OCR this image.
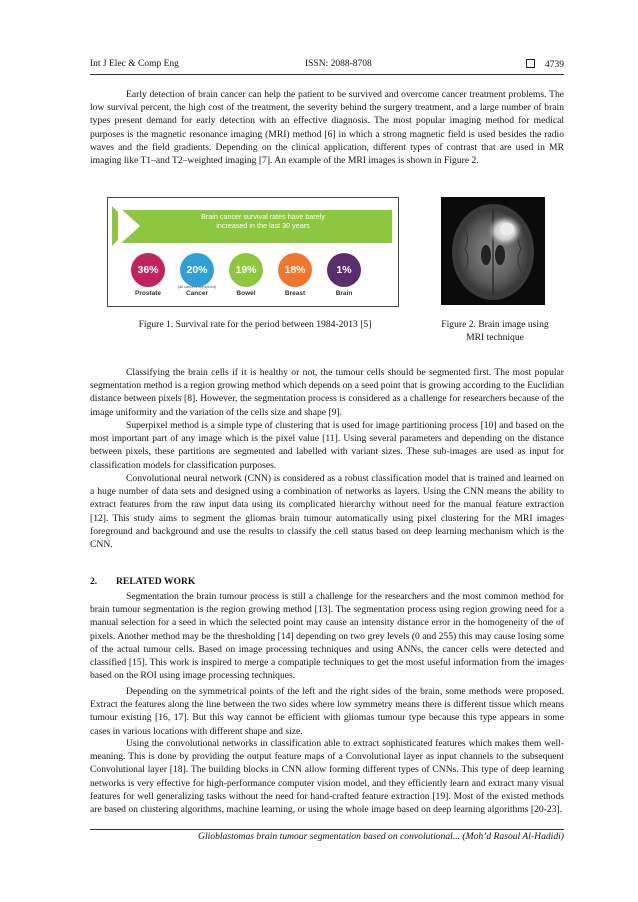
Int J Elec & Comp Eng	ISSN: 2088-8708	4739

Early detection of brain cancer can help the patient to be survived and overcome cancer treatment problems. The low survival percent, the high cost of the treatment, the severity behind the surgery treatment, and a large number of brain types present demand for early detection with an effective diagnosis. The most popular imaging method for medical purposes is the magnetic resonance imaging (MRI) method [6] in which a strong magnetic field is used besides the radio waves and the field gradients. Depending on the clinical application, different types of contrast that are used in MR imaging like T1–and T2–weighted imaging [7]. An example of the MRI images is shown in Figure 2.

Brain cancer survival rates have barely
increased in the last 30 years
36%	20%	19%	18%	1%
(all cancers combined)
Prostate	Cancer	Bowel	Breast	Brain
Figure 1. Survival rate for the period between 1984-2013 [5]	Figure 2. Brain image using
MRI technique

Classifying the brain cells if it is healthy or not, the tumour cells should be segmented first. The most popular segmentation method is a region growing method which depends on a seed point that is growing according to the Euclidian distance between pixels [8]. However, the segmentation process is considered as a challenge for researchers because of the image uniformity and the variation of the cells size and shape [9].

Superpixel method is a simple type of clustering that is used for image partitioning process [10] and based on the most important part of any image which is the pixel value [11]. Using several parameters and depending on the distance between pixels, these partitions are segmented and labelled with variant sizes. These sub-images are used as input for classification models for classification purposes.

Convolutional neural network (CNN) is considered as a robust classification model that is trained and learned on a huge number of data sets and designed using a combination of networks as layers. Using the CNN means the ability to extract features from the raw input data using its complicated hierarchy without need for the manual feature extraction [12]. This study aims to segment the gliomas brain tumour automatically using pixel clustering for the MRI images foreground and background and use the results to classify the cell status based on deep learning mechanism which is the CNN.

2. RELATED WORK

Segmentation the brain tumour process is still a challenge for the researchers and the most common method for brain tumour segmentation is the region growing method [13]. The segmentation process using region growing need for a manual selection for a seed in which the selected point may cause an intensity distance error in the homogeneity of the of pixels. Another method may be the thresholding [14] depending on two grey levels (0 and 255) this may cause losing some of the actual tumour cells. Based on image processing techniques and using ANNs, the cancer cells were detected and classified [15]. This work is inspired to merge a compatiple techniques to get the most useful information from the images based on the ROI using image processing techniques.

Depending on the symmetrical points of the left and the right sides of the brain, some methods were proposed. Extract the features along the line between the two sides where low symmetry means there is different tissue which means tumour existing [16, 17]. But this way cannot be efficient with gliomas tumour type because this type appears in some cases in various locations with different shape and size.

Using the convolutional networks in classification able to extract sophisticated features which makes them well-meaning. This is done by providing the output feature maps of a Convolutional layer as input channels to the subsequent Convolutional layer [18]. The building blocks in CNN allow forming different types of CNNs. This type of deep learning networks is very effective for high-performance computer vision model, and they efficiently learn and extract many visual features for well generalizing tasks without the need for hand-crafted feature extraction [19]. Most of the existed methods are based on clustering algorithms, machine learning, or using the whole image based on deep learning algorithms [20-23].

Glioblastomas brain tumour segmentation based on convolutional... (Moh’d Rasoul Al-Hadidi)
